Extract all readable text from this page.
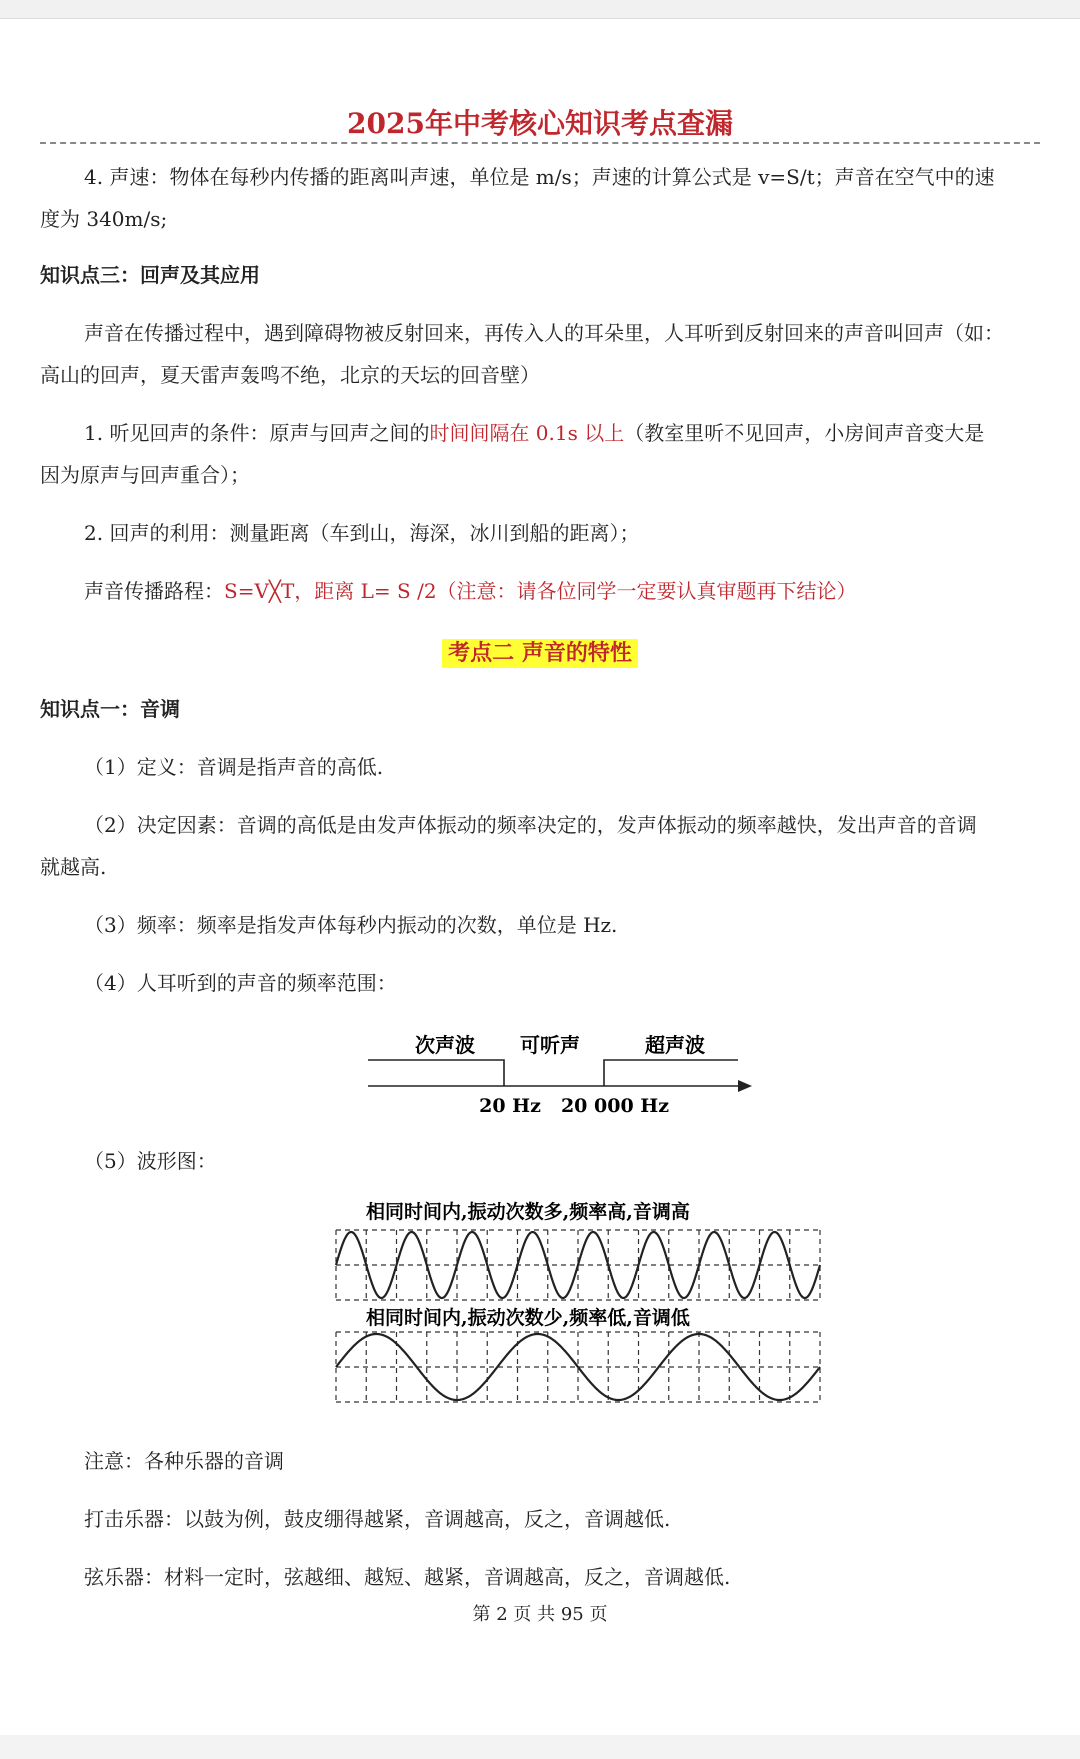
2025年中考核心知识考点查漏
4. 声速：物体在每秒内传播的距离叫声速，单位是 m/s；声速的计算公式是 v=S/t；声音在空气中的速
度为 340m/s;
知识点三：回声及其应用
声音在传播过程中，遇到障碍物被反射回来，再传入人的耳朵里，人耳听到反射回来的声音叫回声（如：
高山的回声，夏天雷声轰鸣不绝，北京的天坛的回音壁）
1. 听见回声的条件：原声与回声之间的时间间隔在 0.1s 以上（教室里听不见回声，小房间声音变大是
因为原声与回声重合）；
2. 回声的利用：测量距离（车到山，海深，冰川到船的距离）；
声音传播路程：S=V╳T，距离 L= S /2（注意：请各位同学一定要认真审题再下结论）
考点二 声音的特性
知识点一：音调
（1）定义：音调是指声音的高低.
（2）决定因素：音调的高低是由发声体振动的频率决定的，发声体振动的频率越快，发出声音的音调
就越高.
（3）频率：频率是指发声体每秒内振动的次数，单位是 Hz.
（4）人耳听到的声音的频率范围：
次声波 可听声	超声波
20 Hz 20 000 Hz
（5）波形图：
相同时间内,振动次数多,频率高,音调高
相同时间内,振动次数少,频率低,音调低
注意：各种乐器的音调
打击乐器：以鼓为例，鼓皮绷得越紧，音调越高，反之，音调越低.
弦乐器：材料一定时，弦越细、越短、越紧，音调越高，反之，音调越低.
第 2 页 共 95 页
